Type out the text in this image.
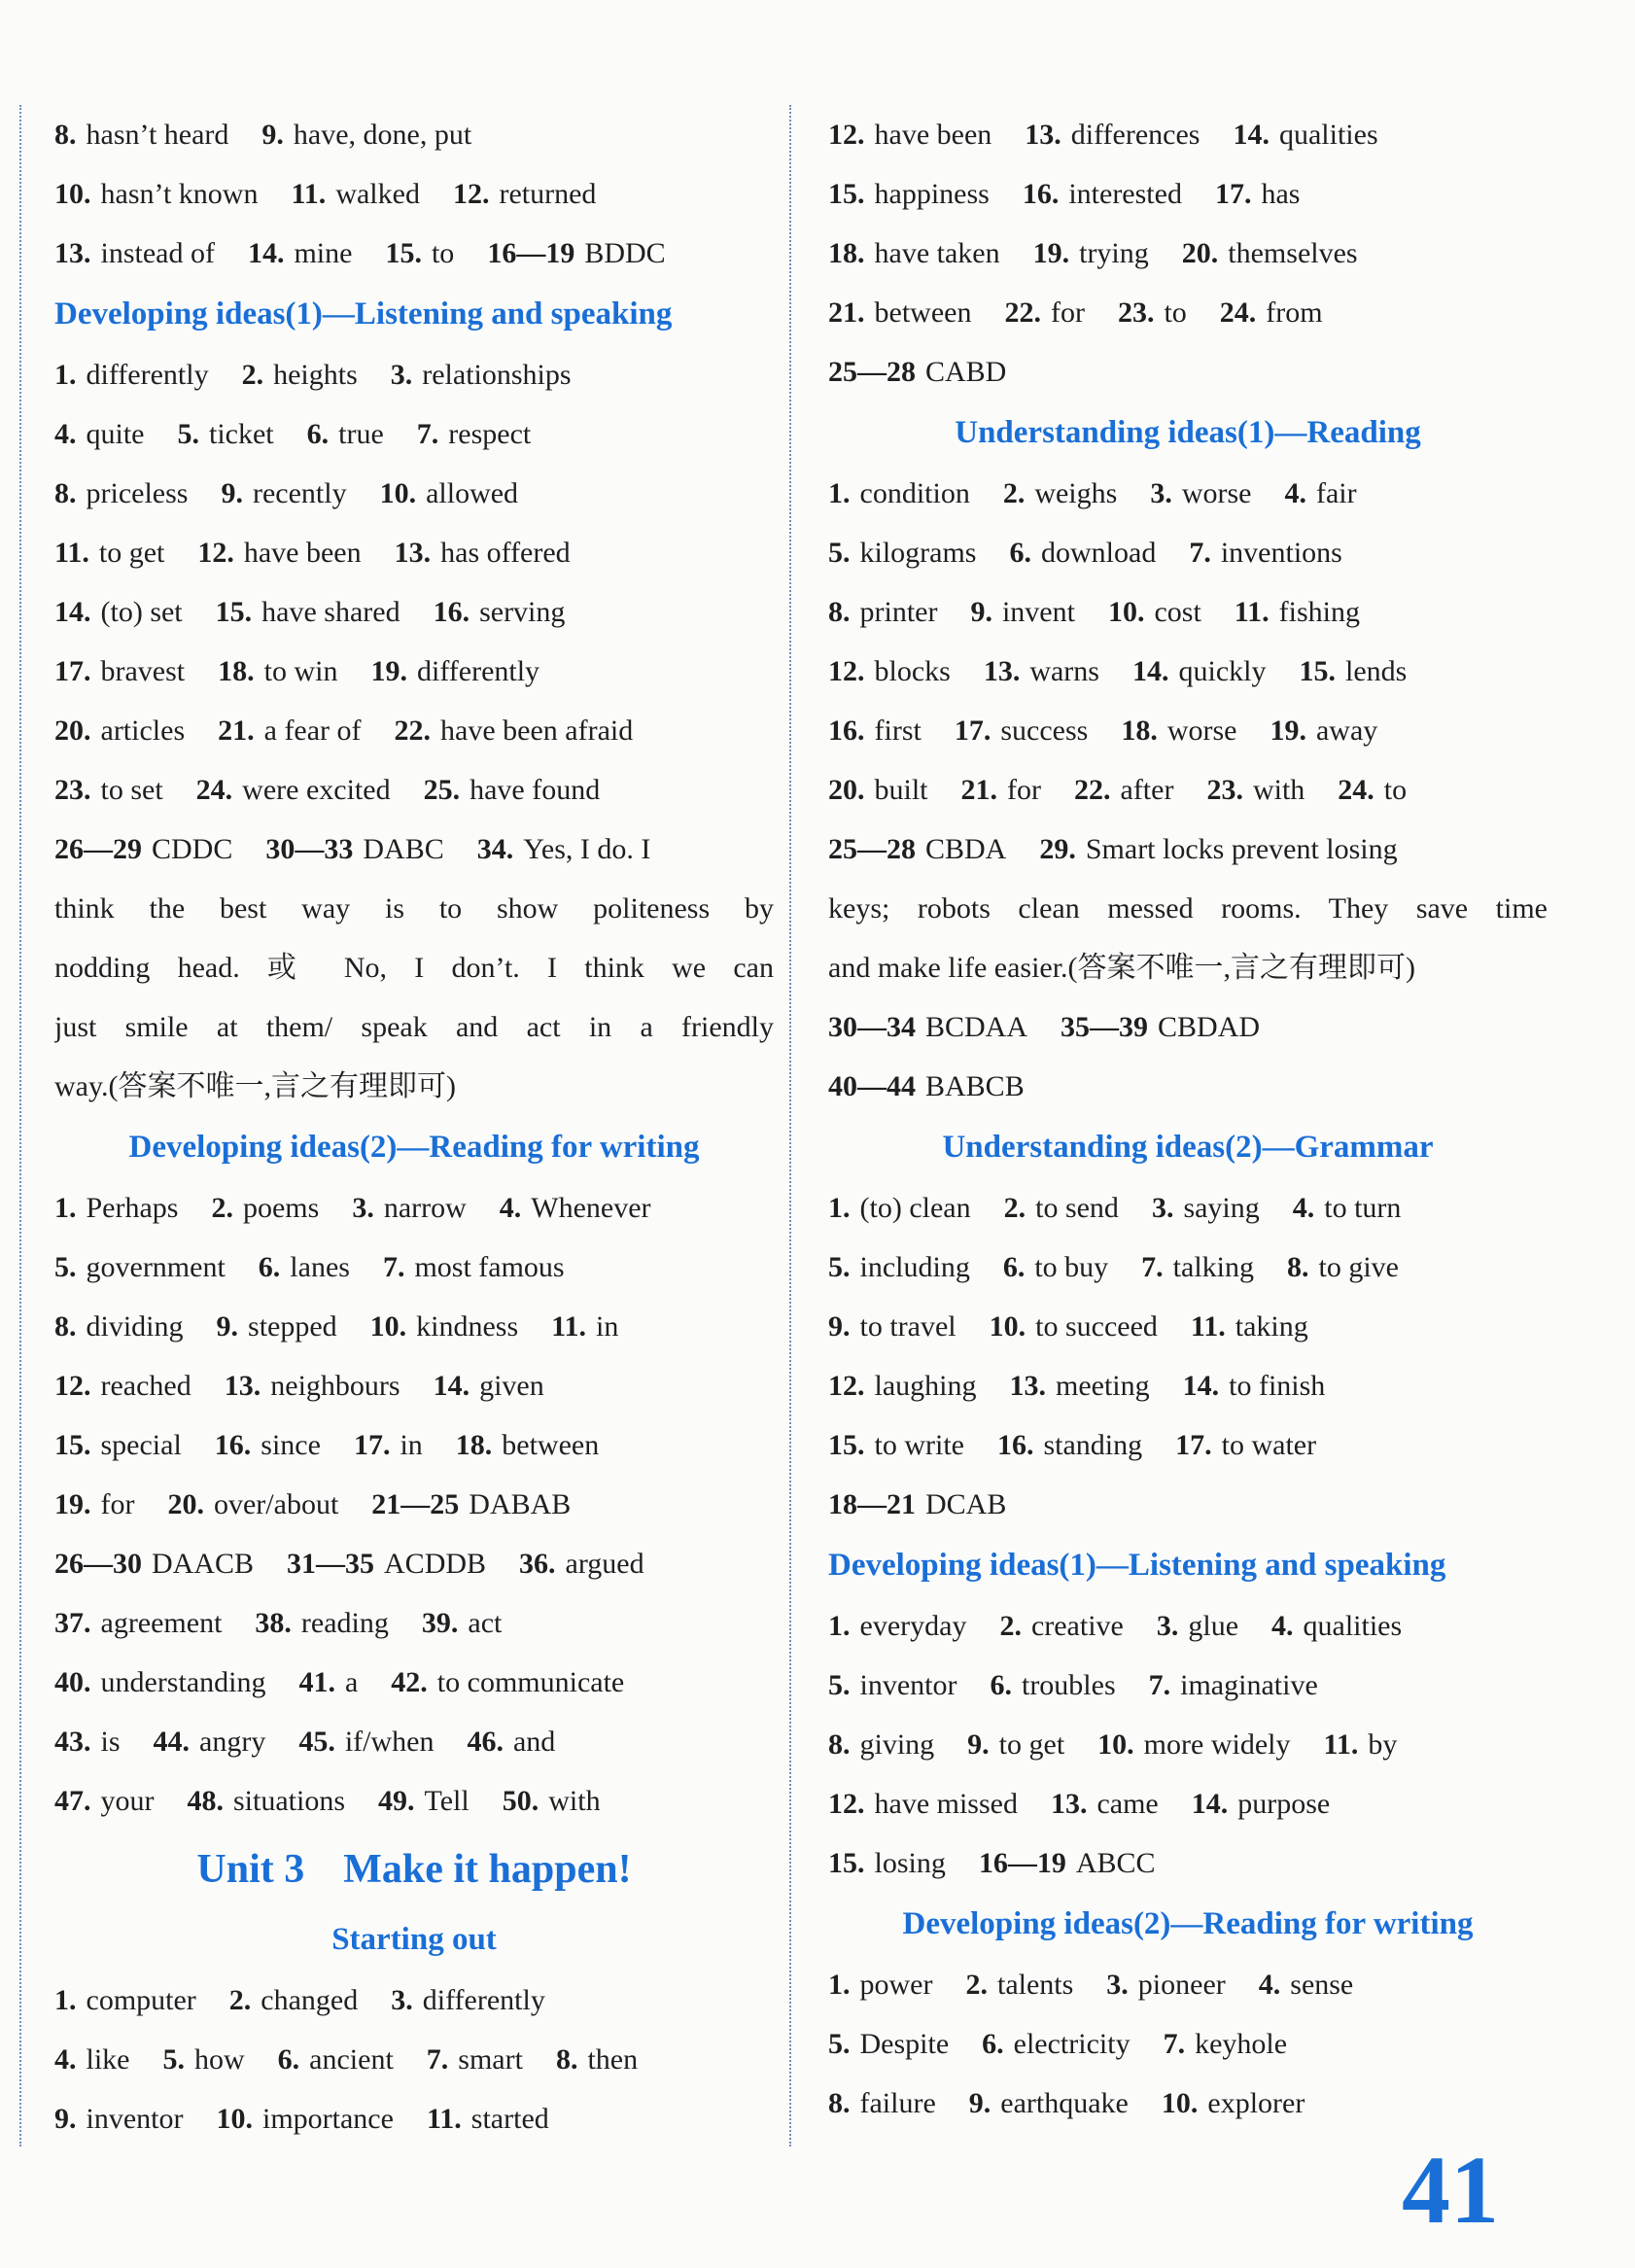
8. hasn’t heard 9. have, done, put
10. hasn’t known 11. walked 12. returned
13. instead of 14. mine 15. to 16—19 BDDC
Developing ideas(1)—Listening and speaking
1. differently 2. heights 3. relationships
4. quite 5. ticket 6. true 7. respect
8. priceless 9. recently 10. allowed
11. to get 12. have been 13. has offered
14. (to) set 15. have shared 16. serving
17. bravest 18. to win 19. differently
20. articles 21. a fear of 22. have been afraid
23. to set 24. were excited 25. have found
26—29 CDDC 30—33 DABC 34. Yes, I do. I
think the best way is to show politeness by
nodding head. 或 No, I don’t. I think we can
just smile at them/ speak and act in a friendly
way.(答案不唯一,言之有理即可)
Developing ideas(2)—Reading for writing
1. Perhaps 2. poems 3. narrow 4. Whenever
5. government 6. lanes 7. most famous
8. dividing 9. stepped 10. kindness 11. in
12. reached 13. neighbours 14. given
15. special 16. since 17. in 18. between
19. for 20. over/about 21—25 DABAB
26—30 DAACB 31—35 ACDDB 36. argued
37. agreement 38. reading 39. act
40. understanding 41. a 42. to communicate
43. is 44. angry 45. if/when 46. and
47. your 48. situations 49. Tell 50. with
Unit 3 Make it happen!
Starting out
1. computer 2. changed 3. differently
4. like 5. how 6. ancient 7. smart 8. then
9. inventor 10. importance 11. started
12. have been 13. differences 14. qualities
15. happiness 16. interested 17. has
18. have taken 19. trying 20. themselves
21. between 22. for 23. to 24. from
25—28 CABD
Understanding ideas(1)—Reading
1. condition 2. weighs 3. worse 4. fair
5. kilograms 6. download 7. inventions
8. printer 9. invent 10. cost 11. fishing
12. blocks 13. warns 14. quickly 15. lends
16. first 17. success 18. worse 19. away
20. built 21. for 22. after 23. with 24. to
25—28 CBDA 29. Smart locks prevent losing
keys; robots clean messed rooms. They save time
and make life easier.(答案不唯一,言之有理即可)
30—34 BCDAA 35—39 CBDAD
40—44 BABCB
Understanding ideas(2)—Grammar
1. (to) clean 2. to send 3. saying 4. to turn
5. including 6. to buy 7. talking 8. to give
9. to travel 10. to succeed 11. taking
12. laughing 13. meeting 14. to finish
15. to write 16. standing 17. to water
18—21 DCAB
Developing ideas(1)—Listening and speaking
1. everyday 2. creative 3. glue 4. qualities
5. inventor 6. troubles 7. imaginative
8. giving 9. to get 10. more widely 11. by
12. have missed 13. came 14. purpose
15. losing 16—19 ABCC
Developing ideas(2)—Reading for writing
1. power 2. talents 3. pioneer 4. sense
5. Despite 6. electricity 7. keyhole
8. failure 9. earthquake 10. explorer
41
